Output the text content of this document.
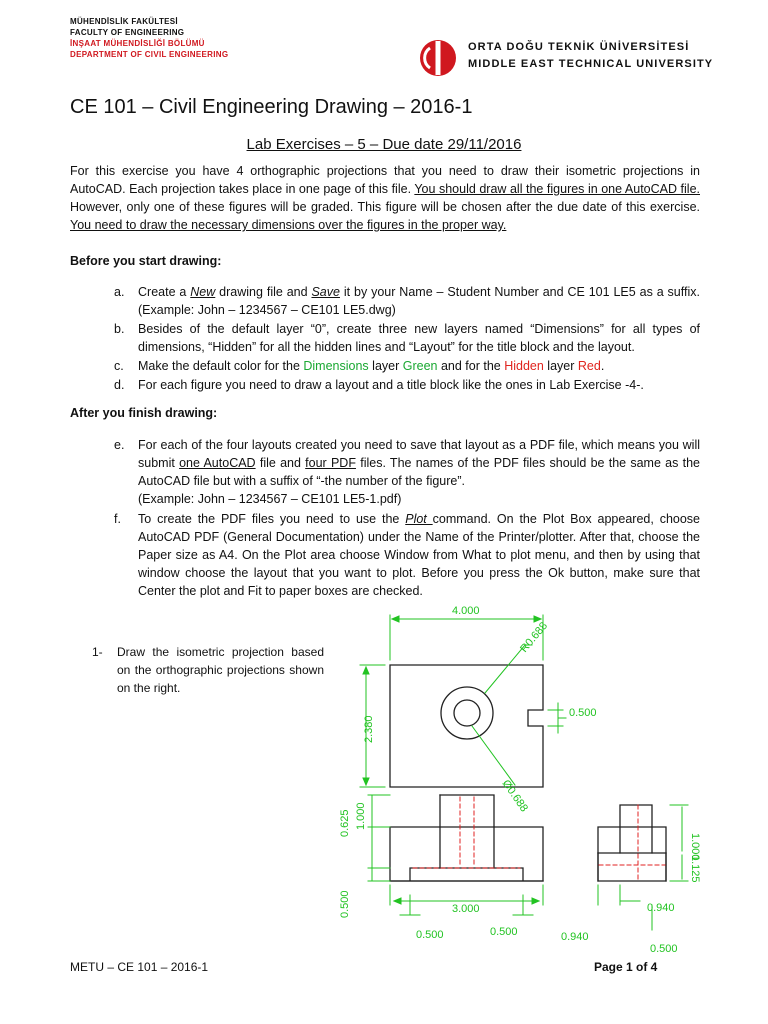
MÜHENDİSLİK FAKÜLTESİ
FACULTY OF ENGINEERING
İNŞAAT MÜHENDİSLİĞİ BÖLÜMÜ
DEPARTMENT OF CIVIL ENGINEERING
ORTA DOĞU TEKNİK ÜNİVERSİTESİ
MIDDLE EAST TECHNICAL UNIVERSITY
CE 101 – Civil Engineering Drawing – 2016-1
Lab Exercises – 5 – Due date 29/11/2016
For this exercise you have 4 orthographic projections that you need to draw their isometric projections in AutoCAD. Each projection takes place in one page of this file. You should draw all the figures in one AutoCAD file. However, only one of these figures will be graded. This figure will be chosen after the due date of this exercise. You need to draw the necessary dimensions over the figures in the proper way.
Before you start drawing:
a. Create a New drawing file and Save it by your Name – Student Number and CE 101 LE5 as a suffix. (Example: John – 1234567 – CE101 LE5.dwg)
b. Besides of the default layer “0”, create three new layers named “Dimensions” for all types of dimensions, “Hidden” for all the hidden lines and “Layout” for the title block and the layout.
c. Make the default color for the Dimensions layer Green and for the Hidden layer Red.
d. For each figure you need to draw a layout and a title block like the ones in Lab Exercise -4-.
After you finish drawing:
e. For each of the four layouts created you need to save that layout as a PDF file, which means you will submit one AutoCAD file and four PDF files. The names of the PDF files should be the same as the AutoCAD file but with a suffix of “-the number of the figure”.
(Example: John – 1234567 – CE101 LE5-1.pdf)
f. To create the PDF files you need to use the Plot command. On the Plot Box appeared, choose AutoCAD PDF (General Documentation) under the Name of the Printer/plotter. After that, choose the Paper size as A4. On the Plot area choose Window from What to plot menu, and then by using that window choose the layout that you want to plot. Before you press the Ok button, make sure that Center the plot and Fit to paper boxes are checked.
1-	Draw the isometric projection based on the orthographic projections shown on the right.
4.000
R0.688
2.380
0.500
Ø0.688
0.625 1.000
0.500	3.000
0.500	0.500
1.000
1.125
0.940
0.940
0.500
METU – CE 101 – 2016-1	Page 1 of 4
